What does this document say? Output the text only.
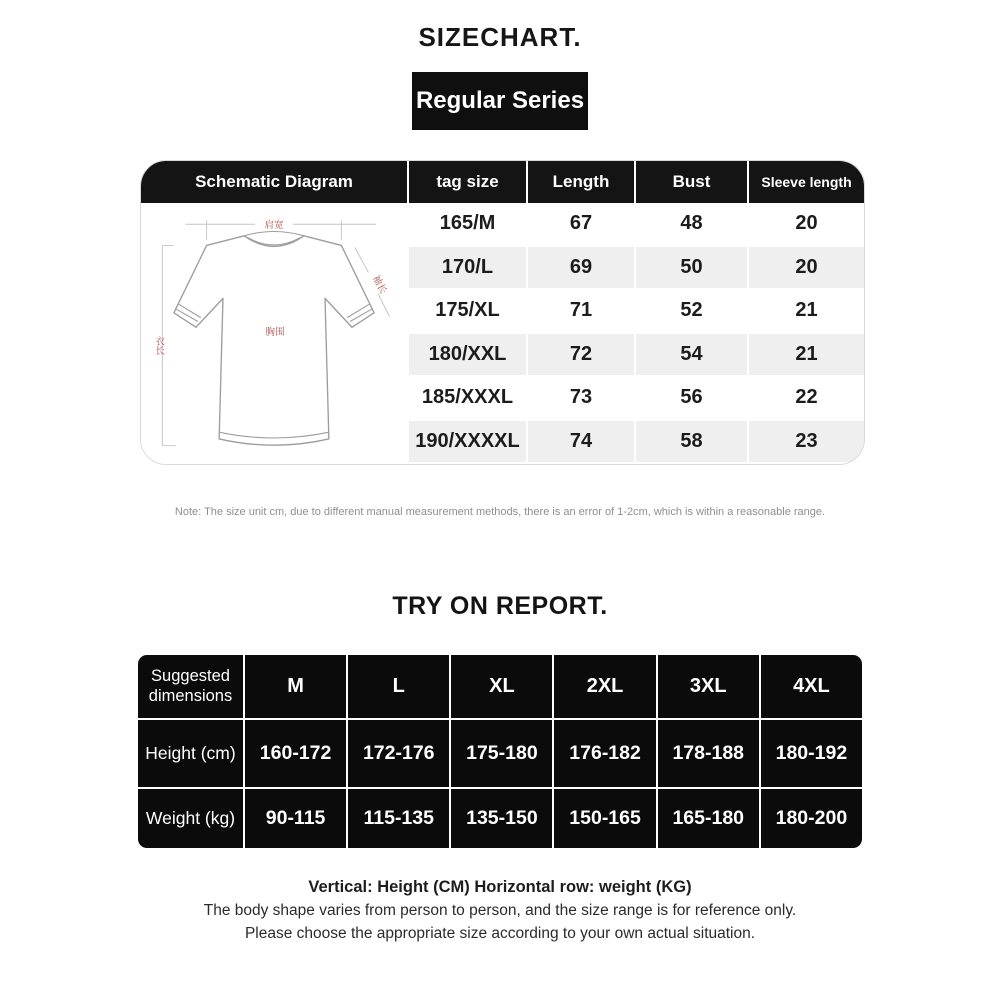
SIZECHART.
Regular Series
Schematic Diagram	tag size	Length	Bust	Sleeve length
肩宽
胸围
衣长
袖长
165/M	67	48	20
170/L	69	50	20
175/XL	71	52	21
180/XXL	72	54	21
185/XXXL	73	56	22
190/XXXXL	74	58	23

Note: The size unit cm, due to different manual measurement methods, there is an error of 1-2cm, which is within a reasonable range.

TRY ON REPORT.
Suggested dimensions	M	L	XL	2XL	3XL	4XL
Height (cm)	160-172	172-176	175-180	176-182	178-188	180-192
Weight (kg)	90-115	115-135	135-150	150-165	165-180	180-200

Vertical: Height (CM) Horizontal row: weight (KG)

The body shape varies from person to person, and the size range is for reference only.

Please choose the appropriate size according to your own actual situation.
